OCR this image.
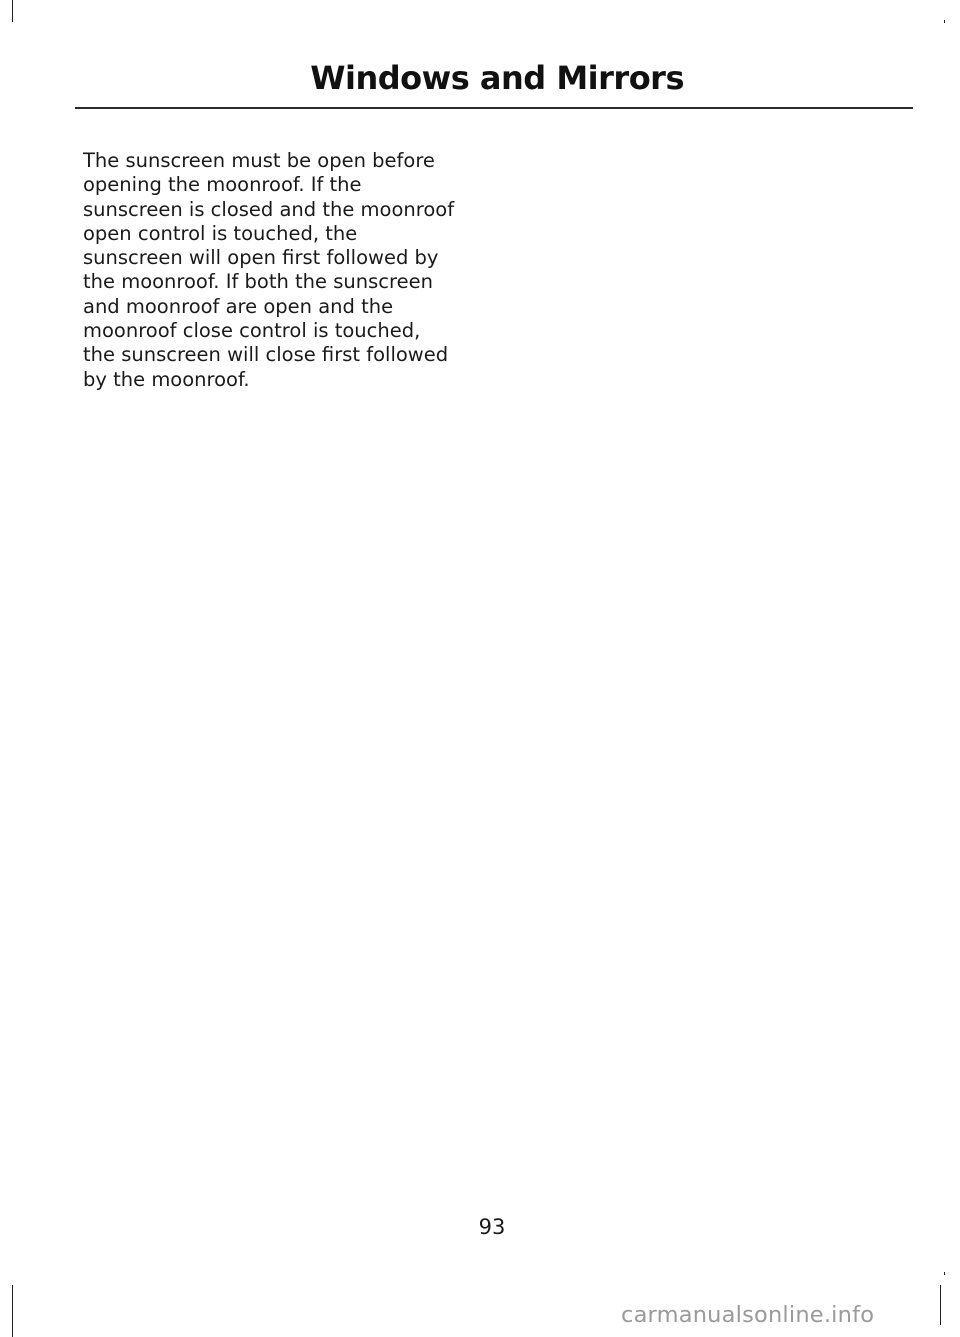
Windows and Mirrors

The sunscreen must be open before
opening the moonroof. If the
sunscreen is closed and the moonroof
open control is touched, the
sunscreen will open first followed by
the moonroof. If both the sunscreen
and moonroof are open and the
moonroof close control is touched,
the sunscreen will close first followed
by the moonroof.

93

carmanualsonline.info
